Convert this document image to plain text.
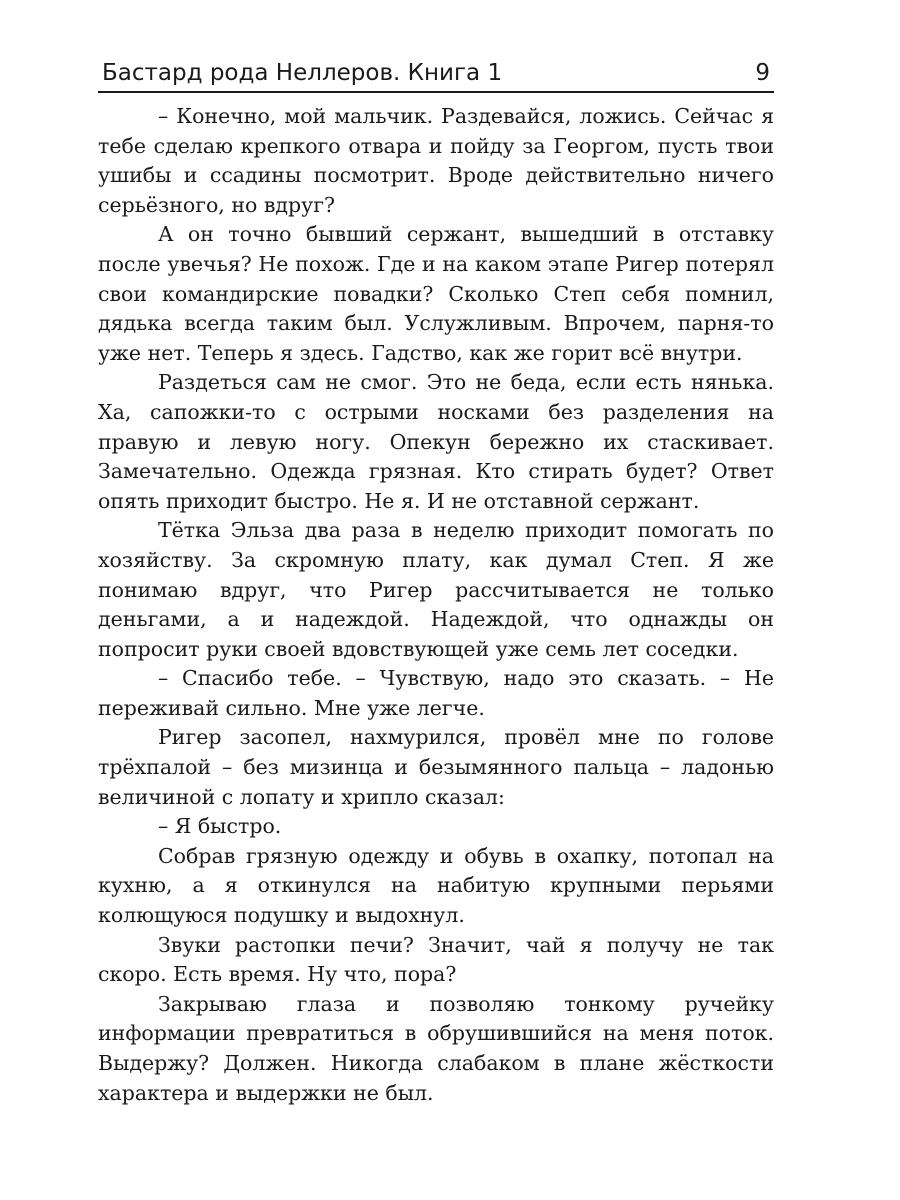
Бастард рода Неллеров. Книга 1	9

– Конечно, мой мальчик. Раздевайся, ложись. Сейчас я тебе сделаю крепкого отвара и пойду за Георгом, пусть твои ушибы и ссадины посмотрит. Вроде действительно ничего серьёзного, но вдруг?

А он точно бывший сержант, вышедший в отставку после увечья? Не похож. Где и на каком этапе Ригер потерял свои командирские повадки? Сколько Степ себя помнил, дядька всегда таким был. Услужливым. Впрочем, парня-то уже нет. Теперь я здесь. Гадство, как же горит всё внутри.

Раздеться сам не смог. Это не беда, если есть нянька. Ха, сапожки-то с острыми носками без разделения на правую и левую ногу. Опекун бережно их стаскивает. Замечательно. Одежда грязная. Кто стирать будет? Ответ опять приходит быстро. Не я. И не отставной сержант.

Тётка Эльза два раза в неделю приходит помогать по хозяйству. За скромную плату, как думал Степ. Я же понимаю вдруг, что Ригер рассчитывается не только деньгами, а и надеждой. Надеждой, что однажды он попросит руки своей вдовствующей уже семь лет соседки.

– Спасибо тебе. – Чувствую, надо это сказать. – Не переживай сильно. Мне уже легче.

Ригер засопел, нахмурился, провёл мне по голове трёхпалой – без мизинца и безымянного пальца – ладонью величиной с лопату и хрипло сказал:

– Я быстро.

Собрав грязную одежду и обувь в охапку, потопал на кухню, а я откинулся на набитую крупными перьями колющуюся подушку и выдохнул.

Звуки растопки печи? Значит, чай я получу не так скоро. Есть время. Ну что, пора?

Закрываю глаза и позволяю тонкому ручейку информации превратиться в обрушившийся на меня поток. Выдержу? Должен. Никогда слабаком в плане жёсткости характера и выдержки не был.
